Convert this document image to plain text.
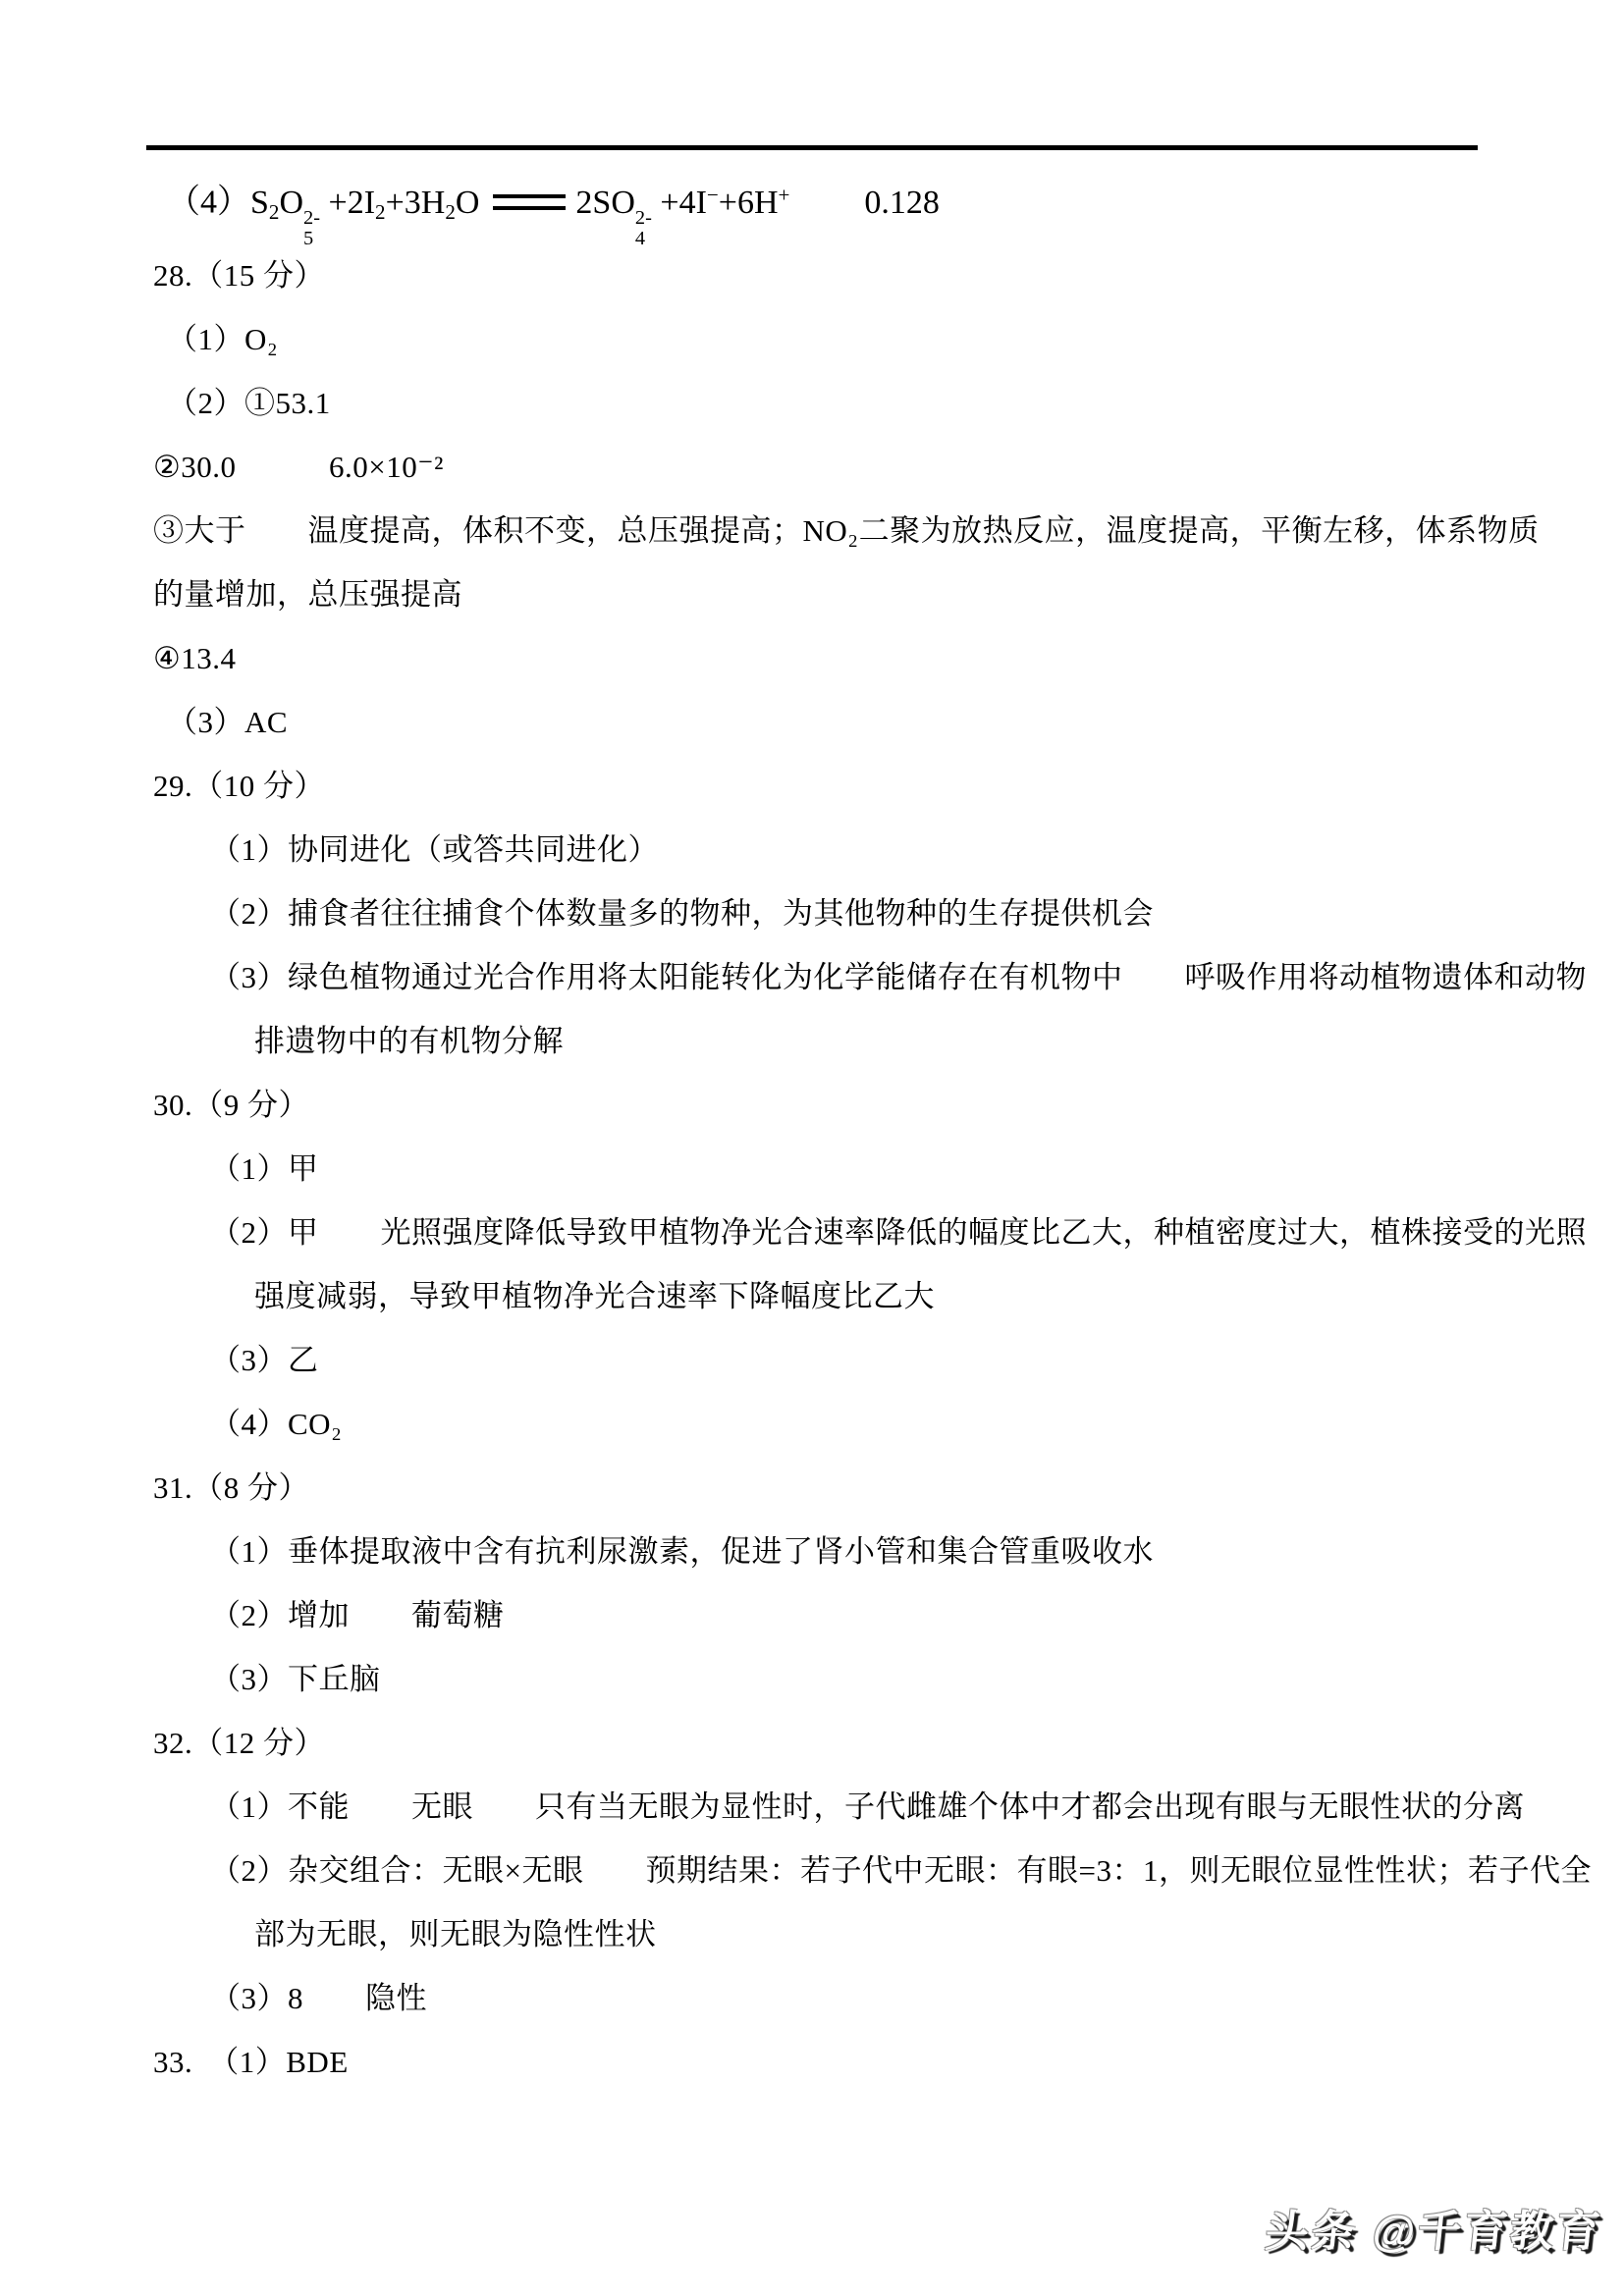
$(4)S_2O$ 2-
5
$+2I_2+3H_2O$	2SO 2-
4
+4I−+6H+ 0.128
28.（15 分）
（1）O₂
（2）①53.1
②30.0　　　6.0×10⁻²
③大于　　温度提高，体积不变，总压强提高；NO₂二聚为放热反应，温度提高，平衡左移，体系物质
的量增加，总压强提高
④13.4
（3）AC
29.（10 分）
（1）协同进化（或答共同进化）
（2）捕食者往往捕食个体数量多的物种，为其他物种的生存提供机会
（3）绿色植物通过光合作用将太阳能转化为化学能储存在有机物中　　呼吸作用将动植物遗体和动物
排遗物中的有机物分解
30.（9 分）
（1）甲
（2）甲　　光照强度降低导致甲植物净光合速率降低的幅度比乙大，种植密度过大，植株接受的光照
强度减弱，导致甲植物净光合速率下降幅度比乙大
（3）乙
（4）CO₂
31.（8 分）
（1）垂体提取液中含有抗利尿激素，促进了肾小管和集合管重吸收水
（2）增加　　葡萄糖
（3）下丘脑
32.（12 分）
（1）不能　　无眼　　只有当无眼为显性时，子代雌雄个体中才都会出现有眼与无眼性状的分离
（2）杂交组合：无眼×无眼　　预期结果：若子代中无眼：有眼=3：1，则无眼位显性性状；若子代全
部为无眼，则无眼为隐性性状
（3）8　　隐性
33.　（1）BDE
头条 @千育教育
